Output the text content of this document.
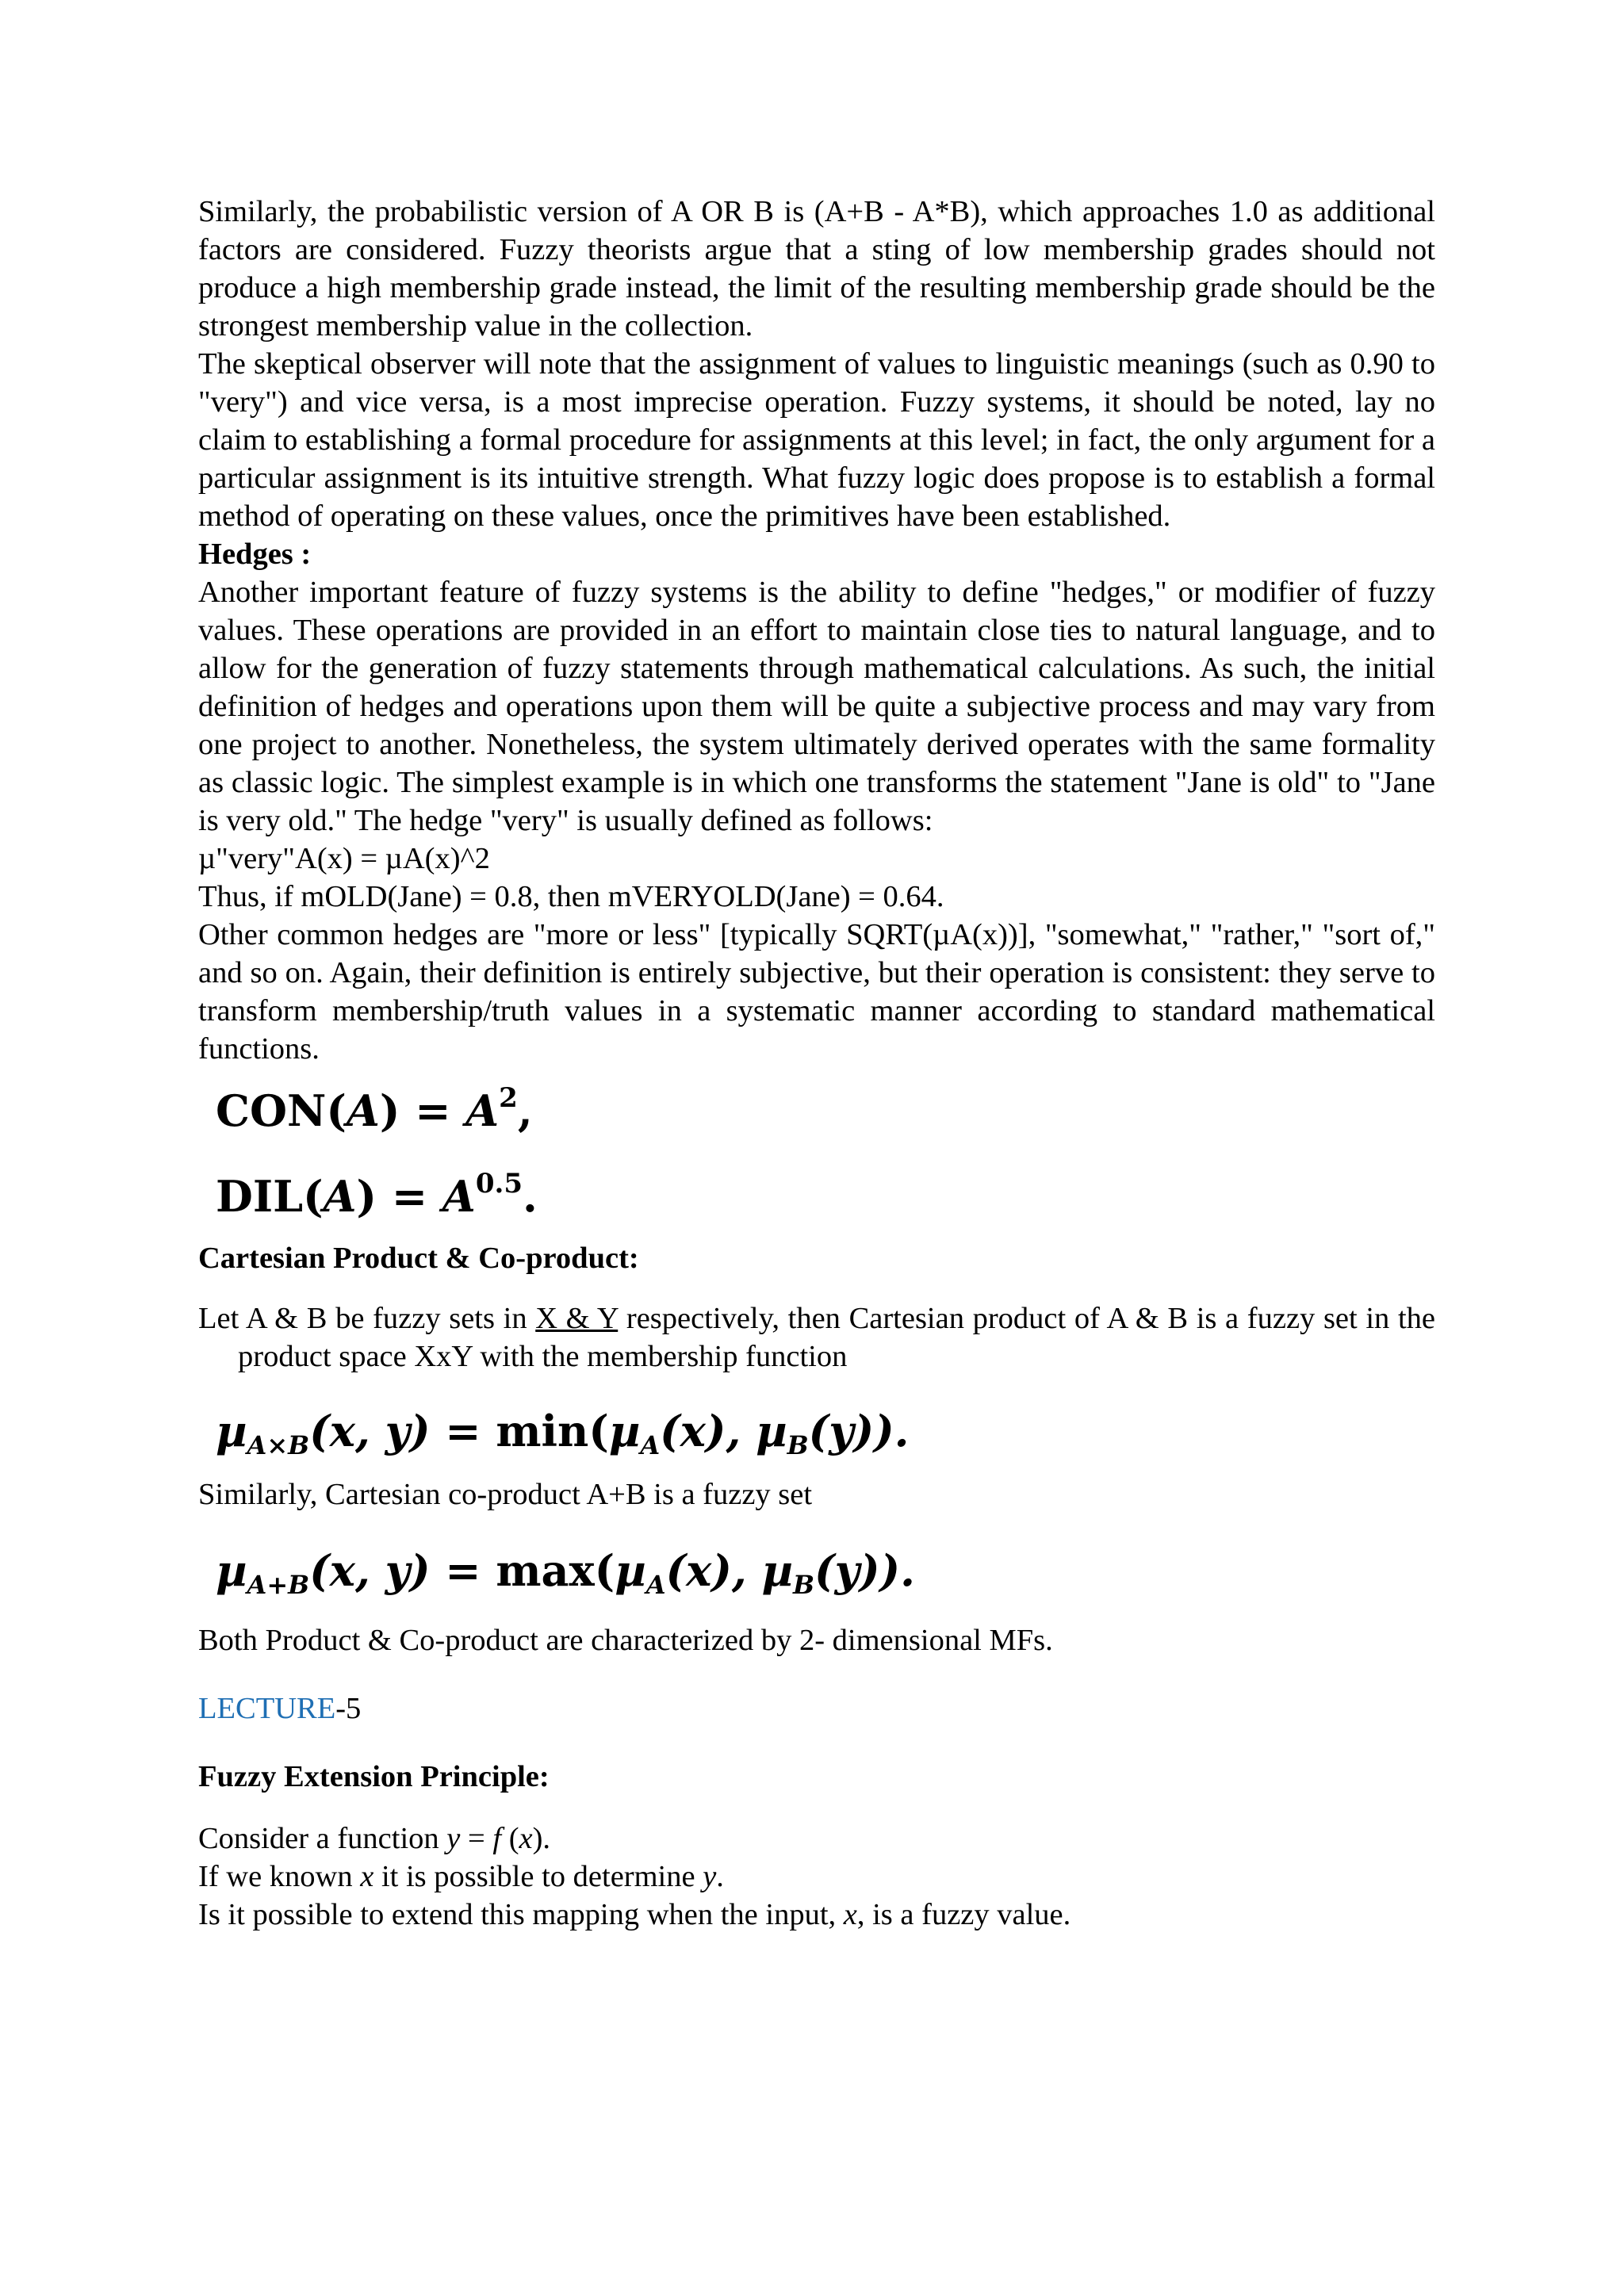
Similarly, the probabilistic version of A OR B is (A+B - A*B), which approaches 1.0 as additional factors are considered. Fuzzy theorists argue that a sting of low membership grades should not produce a high membership grade instead, the limit of the resulting membership grade should be the strongest membership value in the collection.

The skeptical observer will note that the assignment of values to linguistic meanings (such as 0.90 to "very") and vice versa, is a most imprecise operation. Fuzzy systems, it should be noted, lay no claim to establishing a formal procedure for assignments at this level; in fact, the only argument for a particular assignment is its intuitive strength. What fuzzy logic does propose is to establish a formal method of operating on these values, once the primitives have been established.

Hedges :

Another important feature of fuzzy systems is the ability to define "hedges," or modifier of fuzzy values. These operations are provided in an effort to maintain close ties to natural language, and to allow for the generation of fuzzy statements through mathematical calculations. As such, the initial definition of hedges and operations upon them will be quite a subjective process and may vary from one project to another. Nonetheless, the system ultimately derived operates with the same formality as classic logic. The simplest example is in which one transforms the statement "Jane is old" to "Jane is very old." The hedge "very" is usually defined as follows:

µ"very"A(x) = µA(x)^2

Thus, if mOLD(Jane) = 0.8, then mVERYOLD(Jane) = 0.64.

Other common hedges are "more or less" [typically SQRT(µA(x))], "somewhat," "rather," "sort of," and so on. Again, their definition is entirely subjective, but their operation is consistent: they serve to transform membership/truth values in a systematic manner according to standard mathematical functions.

$CON(A) = A^2$,
$DIL(A) = A^{0.5}$.

Cartesian Product & Co-product:

Let A & B be fuzzy sets in X & Y respectively, then Cartesian product of A & B is a fuzzy set in the product space XxY with the membership function

µ$_{A\times B}$(x, y) = min(µ$_A$(x), µ$_B$(y)).

Similarly, Cartesian co-product A+B is a fuzzy set

µ$_{A+B}$(x, y) = max(µ$_A$(x), µ$_B$(y)).

Both Product & Co-product are characterized by 2- dimensional MFs.

LECTURE-5

Fuzzy Extension Principle:

Consider a function y = f (x).

If we known x it is possible to determine y.

Is it possible to extend this mapping when the input, x, is a fuzzy value.
